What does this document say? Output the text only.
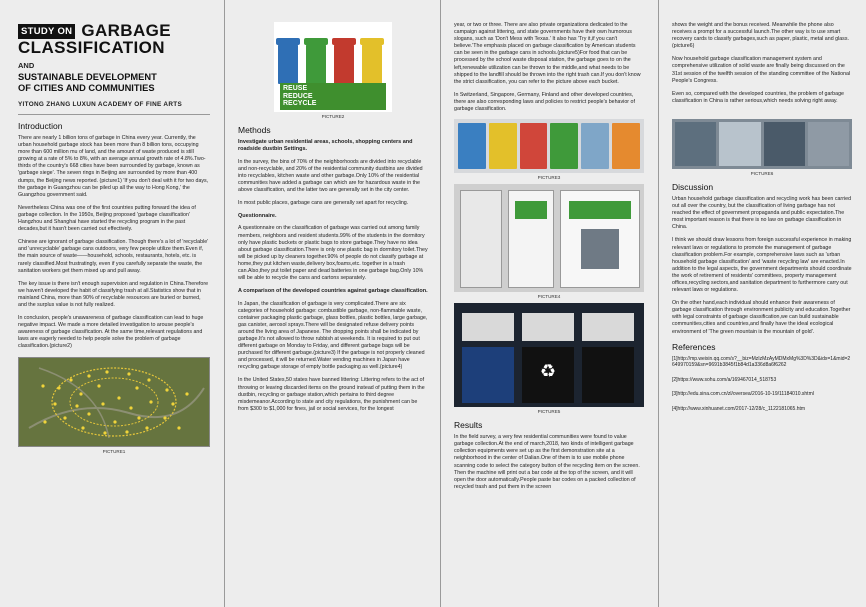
STUDY ON GARBAGE
CLASSIFICATION
AND
SUSTAINABLE DEVELOPMENT
OF CITIES AND COMMUNITIES
YITONG ZHANG LUXUN ACADEMY OF FINE ARTS
Introduction

There are nearly 1 billion tons of garbage in China every year. Currently, the urban household garbage stock has been more than 8 billion tons, occupying more than 600 million mu of land, and the amount of waste produced is still growing at a rate of 5% to 8%, with an average annual growth rate of 4.8%.Two-thirds of the country's 668 cities have been surrounded by garbage, known as 'garbage siege'. The seven rings in Beijing are surrounded by more than 400 dumps, the Beijing news reported. (picture1) 'If you don't deal with it for two days, the garbage in Guangzhou can be piled up all the way to Hong Kong,' the Guangzhou government said.

Nevertheless China was one of the first countries putting forward the idea of garbage collection. In the 1950s, Beijing proposed 'garbage classification' Hangzhou and Shanghai have started the recycling program in the past decades,but it hasn't been carried out effectively.

Chinese are ignorant of garbage classification. Though there's a lot of 'recyclable' and 'unrecyclable' garbage cans outdoors, very few people utilize them.Even if, the main source of waste——household, schools, restaurants, hotels, etc. is rarely classified.Most frustratingly, even if you carefully separate the waste, the sanitation workers get them mixed up and pull away.

The key issue is there isn't enough supervision and regulation in China.Therefore we haven't developed the habit of classifying trash at all.Statistics show that in mainland China, more than 90% of recyclable resources are buried or burned, and the surplus value is not fully realized.

In conclusion, people's unawareness of garbage classification can lead to huge negative impact. We made a more detailed investigation to arouse people's awareness of garbage classification. At the same time,relevant regulations and laws are eagerly needed to help people solve the problem of garbage classification.(picture2)

PICTURE1
REUSE
REDUCE
RECYCLE
PICTURE2
Methods

Investigate urban residential areas, schools, shopping centers and roadside dustbin Settings.

In the survey, the bins of 70% of the neighborhoods are divided into recyclable and non-recyclable, and 20% of the residential community dustbins are divided into recyclables, kitchen waste and other garbage.Only 10% of the residential communities have added a garbage can which are for hazardous waste in the above classification, and the latter two are generally set in the city center.

In most public places, garbage cans are generally set apart for recycling.

Questionnaire.

A questionnaire on the classification of garbage was carried out among family members, neighbors and resident students.99% of the students in the dormitory only have plastic buckets or plastic bags to store garbage.They have no idea about garbage classification.There is only one plastic bag in dormitory toilet.They will be picked up by cleaners together.90% of people do not classify garbage at home,they put kitchen waste,delivery box,foams,etc. together in a trash can.Also,they put toilet paper and dead batteries in one garbage bag.Only 10% will be able to recycle the cans and cartons separately.

A comparison of the developed countries against garbage classification.

In Japan, the classification of garbage is very complicated.There are six categories of household garbage: combustible garbage, non-flammable waste, container packaging plastic garbage, glass bottles, plastic bottles, large garbage, gas canister, aerosol sprays.There will be designated refuse delivery points around the living area of Japanese. The dropping points shall be indicated by garbage.It's not allowed to throw rubbish at weekends. It is required to put out different garbage on Monday to Friday, and different garbage bags will be purchased for different garbage.(picture3) If the garbage is not properly cleaned and processed, it will be returned.Water vending machines in Japan have recycling garbage storage of empty bottle packaging as well.(picture4)

In the United States,50 states have banned littering: Littering refers to the act of throwing or leaving discarded items on the ground instead of putting them in the dustbin, recycling or garbage station,which pertains to third degree misdemeanor.According to state and city regulations, the punishment can be from $300 to $1,000 for fines, jail or social services, for the longest

year, or two or three. There are also private organizations dedicated to the campaign against littering, and state governments have their own humorous slogans, such as 'Don't Mess with Texas.' It also has 'Try it,if you can't believe.'The emphasis placed on garbage classification by American students can be seen in the garbage cans in schools.(picture5)For food that can be processed by the school waste disposal station, the garbage goes to on the left,renewable utilization can be thrown to the middle,and what needs to be shipped to the landfill should be thrown into the right trash can.If you don't know the strict classification, you can refer to the picture above each bucket.

In Switzerland, Singapore, Germany, Finland and other developed countries, there are also corresponding laws and policies to restrict people's behavior of garbage classification.

PICTURE3
PICTURE4
♻
PICTURE5
Results

In the field survey, a very few residential communities were found to value garbage collection.At the end of march,2018, two kinds of intelligent garbage collection equipments were set up as the first demonstration site at a neighborhood in the center of Dalian.One of them is to use mobile phone scanning code to select the category button of the recycling item on the screen. Then the machine will print out a bar code at the top of the screen, and it will open the door automatically.People paste bar codes on a packed collection of recycled trash and put them in the screen

shows the weight and the bonus received. Meanwhile the phone also receives a prompt for a successful launch.The other way is to use smart recovery cards to classify garbages,such as paper, plastic, metal and glass.(picture6)

Now household garbage classification management system and comprehensive utilization of solid waste are finally being discussed on the 31st session of the twelfth session of the standing committee of the National People's Congress.

Even so, compared with the developed countries, the problem of garbage classification in China is rather serious,which needs solving right away.

PICTURE6
Discussion

Urban household garbage classification and recycling work has been carried out all over the country, but the classification of living garbage has not reached the effect of government propaganda and public expectation.The most important reason is that there is no law on garbage classification in China.

I think we should draw lessons from foreign successful experience in making relevant laws or regulations to promote the management of garbage classification problem.For example, comprehensive laws such as 'urban household garbage classification' and 'waste recycling law' are enacted.In addition to the legal aspects, the government departments should coordinate the work of retirement of residents' committees, property management offices,recycling sectors,and sanitation department to furthermore carry out relevant laws or regulations.

On the other hand,each individual should enhance their awareness of garbage classification through environment publicity and education.Together with legal constraints of garbage classification,we can build sustainable communities,cities and countries,and finally have the ideal ecological environment of 'The green mountain is the mountain of gold'.

References

[1]http://mp.weixin.qq.com/s?__biz=MzIzMzAyMDMxMg%3D%3D&idx=1&mid=2649970159&sn=9691b3845f1b84d1a336d8a6f6262

[2]https://www.sohu.com/a/169467014_518753

[3]http://edu.sina.com.cn/zl/oversea/2016-10-19/11184010.shtml

[4]http://www.xinhuanet.com/2017-12/28/c_1122181065.htm
